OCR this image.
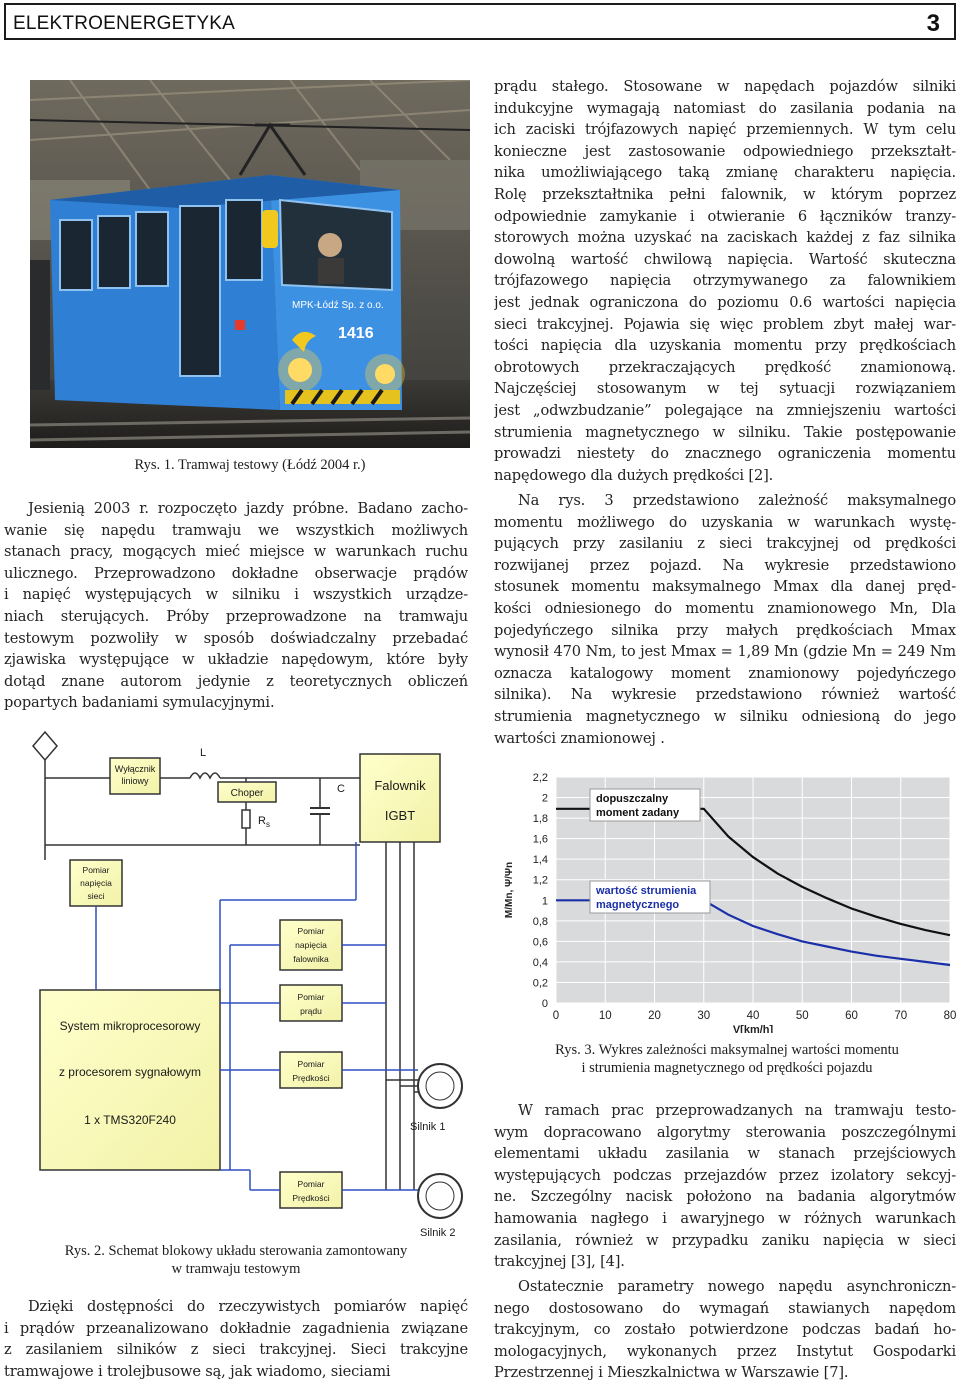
ELEKTROENERGETYKA	3
MPK-Łódź Sp. z o.o.
1416
Rys. 1. Tramwaj testowy (Łódź 2004 r.)
Jesienią 2003 r. rozpoczęto jazdy próbne. Badano zacho-
wanie się napędu tramwaju we wszystkich możliwych
stanach pracy, mogących mieć miejsce w warunkach ruchu
ulicznego. Przeprowadzono dokładne obserwacje prądów
i napięć występujących w silniku i wszystkich urządze-
niach sterujących. Próby przeprowadzone na tramwaju
testowym pozwoliły w sposób doświadczalny przebadać
zjawiska występujące w układzie napędowym, które były
dotąd znane autorom jedynie z teoretycznych obliczeń
popartych badaniami symulacyjnymi.
Wyłącznik
liniowy
L
Choper
$R_s$
C Falownik
IGBT
Pomiar
napięcia
sieci
Pomiar
napięcia
falownika
Pomiar
prądu
System mikroprocesorowy
z procesorem sygnałowym
1 x TMS320F240
Pomiar
Prędkości
Pomiar
Prędkości
Silnik 1
Silnik 2
Rys. 2. Schemat blokowy układu sterowania zamontowany
w tramwaju testowym
Dzięki dostępności do rzeczywistych pomiarów napięć
i prądów przeanalizowano dokładnie zagadnienia związane
z zasilaniem silników z sieci trakcyjnej. Sieci trakcyjne
tramwajowe i trolejbusowe są, jak wiadomo, sieciami
prądu stałego. Stosowane w napędach pojazdów silniki
indukcyjne wymagają natomiast do zasilania podania na
ich zaciski trójfazowych napięć przemiennych. W tym celu
konieczne jest zastosowanie odpowiedniego przekształt-
nika umożliwiającego taką zmianę charakteru napięcia.
Rolę przekształtnika pełni falownik, w którym poprzez
odpowiednie zamykanie i otwieranie 6 łączników tranzy-
storowych można uzyskać na zaciskach każdej z faz silnika
dowolną wartość chwilową napięcia. Wartość skuteczna
trójfazowego napięcia otrzymywanego za falownikiem
jest jednak ograniczona do poziomu 0.6 wartości napięcia
sieci trakcyjnej. Pojawia się więc problem zbyt małej war-
tości napięcia dla uzyskania momentu przy prędkościach
obrotowych przekraczających prędkość znamionową.
Najczęściej stosowanym w tej sytuacji rozwiązaniem
jest „odwzbudzanie” polegające na zmniejszeniu wartości
strumienia magnetycznego w silniku. Takie postępowanie
prowadzi niestety do znacznego ograniczenia momentu
napędowego dla dużych prędkości [2].
Na rys. 3 przedstawiono zależność maksymalnego
momentu możliwego do uzyskania w warunkach wystę-
pujących przy zasilaniu z sieci trakcyjnej od prędkości
rozwijanej przez pojazd. Na wykresie przedstawiono
stosunek momentu maksymalnego Mmax dla danej pręd-
kości odniesionego do momentu znamionowego Mn, Dla
pojedyńczego silnika przy małych prędkościach Mmax
wynosił 470 Nm, to jest Mmax = 1,89 Mn (gdzie Mn = 249 Nm
oznacza katalogowy moment znamionowy pojedyńczego
silnika). Na wykresie przedstawiono również wartość
strumienia magnetycznego w silniku odniesioną do jego
wartości znamionowej .
0
0,2
0,4
0,6
0,8
1
1,2
1,4
1,6
1,8
2
2,2
0	10	20	30	40	50	60	70	80
V[km/h]
M/Mn, Ψ/Ψn
dopuszczalny
moment zadany
wartość strumienia
magnetycznego
Rys. 3. Wykres zależności maksymalnej wartości momentu
i strumienia magnetycznego od prędkości pojazdu
W ramach prac przeprowadzanych na tramwaju testo-
wym dopracowano algorytmy sterowania poszczególnymi
elementami układu zasilania w stanach przejściowych
występujących podczas przejazdów przez izolatory sekcyj-
ne. Szczególny nacisk położono na badania algorytmów
hamowania nagłego i awaryjnego w różnych warunkach
zasilania, również w przypadku zaniku napięcia w sieci
trakcyjnej [3], [4].
Ostatecznie parametry nowego napędu asynchroniczn-
nego dostosowano do wymagań stawianych napędom
trakcyjnym, co zostało potwierdzone podczas badań ho-
mologacyjnych, wykonanych przez Instytut Gospodarki
Przestrzennej i Mieszkalnictwa w Warszawie [7].
